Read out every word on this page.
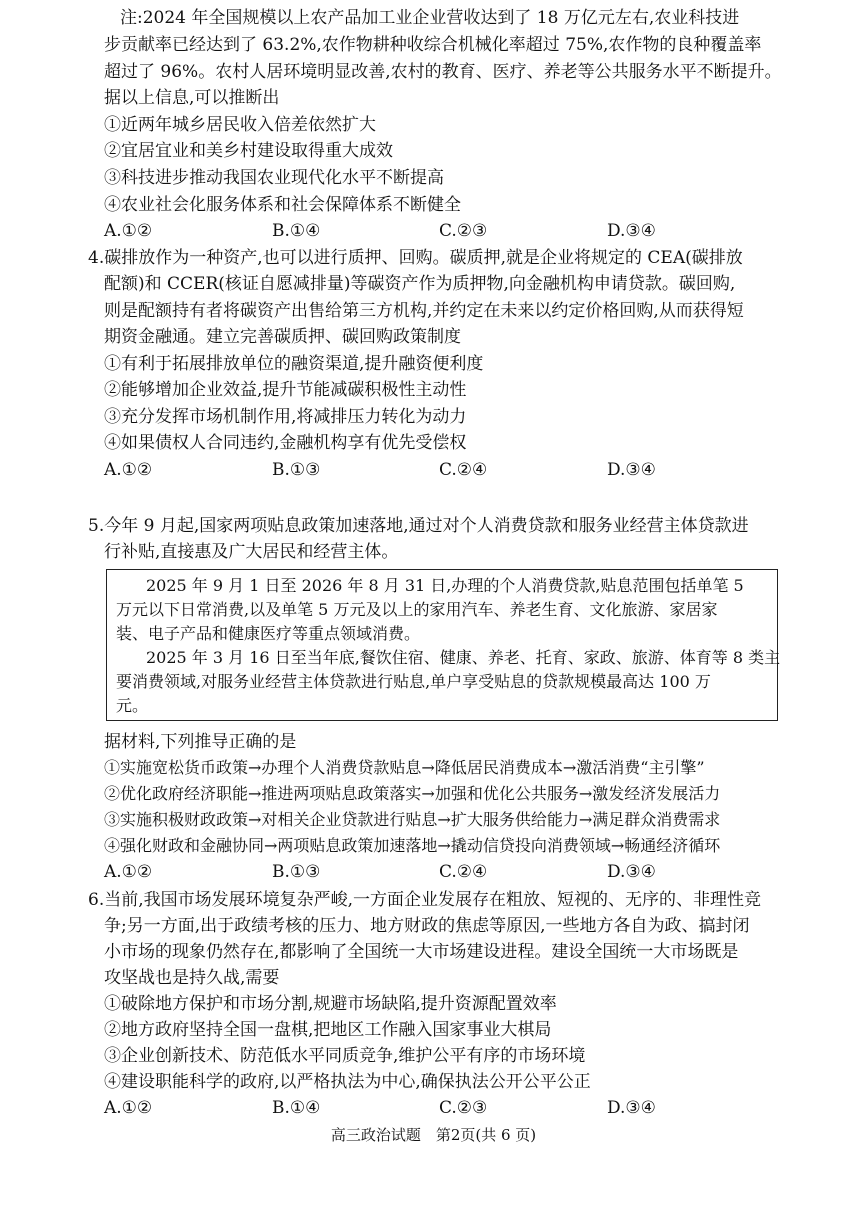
注:2024 年全国规模以上农产品加工业企业营收达到了 18 万亿元左右,农业科技进
步贡献率已经达到了 63.2%,农作物耕种收综合机械化率超过 75%,农作物的良种覆盖率
超过了 96%。农村人居环境明显改善,农村的教育、医疗、养老等公共服务水平不断提升。
据以上信息,可以推断出
①近两年城乡居民收入倍差依然扩大
②宜居宜业和美乡村建设取得重大成效
③科技进步推动我国农业现代化水平不断提高
④农业社会化服务体系和社会保障体系不断健全
A.①②	B.①④	C.②③	D.③④
4.碳排放作为一种资产,也可以进行质押、回购。碳质押,就是企业将规定的 CEA(碳排放
配额)和 CCER(核证自愿减排量)等碳资产作为质押物,向金融机构申请贷款。碳回购,
则是配额持有者将碳资产出售给第三方机构,并约定在未来以约定价格回购,从而获得短
期资金融通。建立完善碳质押、碳回购政策制度
①有利于拓展排放单位的融资渠道,提升融资便利度
②能够增加企业效益,提升节能减碳积极性主动性
③充分发挥市场机制作用,将减排压力转化为动力
④如果债权人合同违约,金融机构享有优先受偿权
A.①②	B.①③	C.②④	D.③④
5.今年 9 月起,国家两项贴息政策加速落地,通过对个人消费贷款和服务业经营主体贷款进
行补贴,直接惠及广大居民和经营主体。
2025 年 9 月 1 日至 2026 年 8 月 31 日,办理的个人消费贷款,贴息范围包括单笔 5
万元以下日常消费,以及单笔 5 万元及以上的家用汽车、养老生育、文化旅游、家居家
装、电子产品和健康医疗等重点领域消费。
2025 年 3 月 16 日至当年底,餐饮住宿、健康、养老、托育、家政、旅游、体育等 8 类主
要消费领域,对服务业经营主体贷款进行贴息,单户享受贴息的贷款规模最高达 100 万
元。
据材料,下列推导正确的是
①实施宽松货币政策→办理个人消费贷款贴息→降低居民消费成本→激活消费“主引擎”
②优化政府经济职能→推进两项贴息政策落实→加强和优化公共服务→激发经济发展活力
③实施积极财政政策→对相关企业贷款进行贴息→扩大服务供给能力→满足群众消费需求
④强化财政和金融协同→两项贴息政策加速落地→撬动信贷投向消费领域→畅通经济循环
A.①②	B.①③	C.②④	D.③④
6.当前,我国市场发展环境复杂严峻,一方面企业发展存在粗放、短视的、无序的、非理性竞
争;另一方面,出于政绩考核的压力、地方财政的焦虑等原因,一些地方各自为政、搞封闭
小市场的现象仍然存在,都影响了全国统一大市场建设进程。建设全国统一大市场既是
攻坚战也是持久战,需要
①破除地方保护和市场分割,规避市场缺陷,提升资源配置效率
②地方政府坚持全国一盘棋,把地区工作融入国家事业大棋局
③企业创新技术、防范低水平同质竞争,维护公平有序的市场环境
④建设职能科学的政府,以严格执法为中心,确保执法公开公平公正
A.①②	B.①④	C.②③	D.③④
高三政治试题　第2页(共 6 页)
